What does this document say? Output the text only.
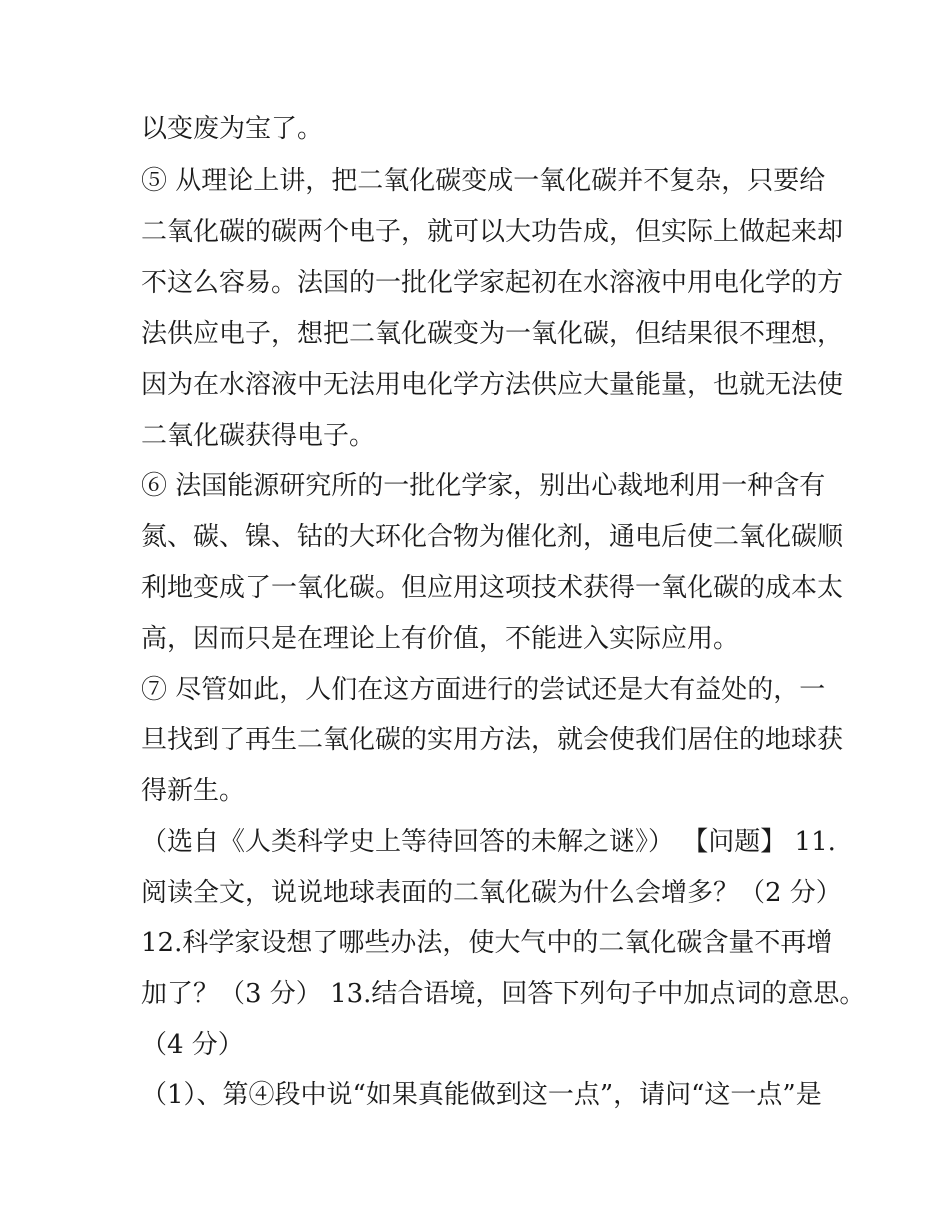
以变废为宝了。
⑤ 从理论上讲，把二氧化碳变成一氧化碳并不复杂，只要给
二氧化碳的碳两个电子，就可以大功告成，但实际上做起来却
不这么容易。法国的一批化学家起初在水溶液中用电化学的方
法供应电子，想把二氧化碳变为一氧化碳，但结果很不理想，
因为在水溶液中无法用电化学方法供应大量能量，也就无法使
二氧化碳获得电子。
⑥ 法国能源研究所的一批化学家，别出心裁地利用一种含有
氮、碳、镍、钴的大环化合物为催化剂，通电后使二氧化碳顺
利地变成了一氧化碳。但应用这项技术获得一氧化碳的成本太
高，因而只是在理论上有价值，不能进入实际应用。
⑦ 尽管如此，人们在这方面进行的尝试还是大有益处的，一
旦找到了再生二氧化碳的实用方法，就会使我们居住的地球获
得新生。
（选自《人类科学史上等待回答的未解之谜》） 【问题】 11.
阅读全文，说说地球表面的二氧化碳为什么会增多？（2 分）
12.科学家设想了哪些办法，使大气中的二氧化碳含量不再增
加了？（3 分） 13.结合语境，回答下列句子中加点词的意思。
（4 分）
（1）、第④段中说“如果真能做到这一点”，请问“这一点”是
